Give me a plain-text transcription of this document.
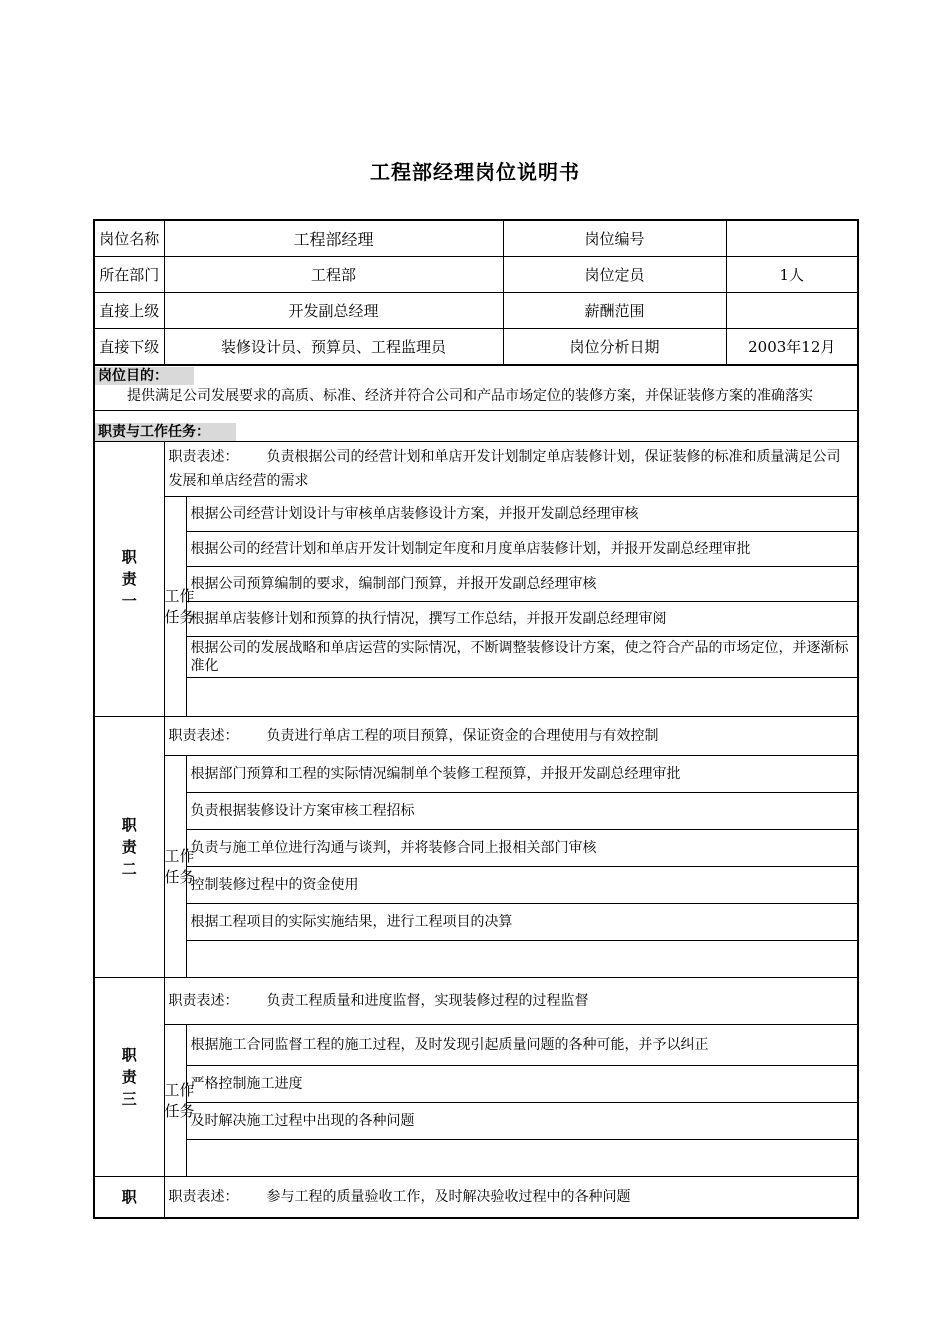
工程部经理岗位说明书
岗位名称	工程部经理		岗位编号	
所在部门	工程部		岗位定员	1人
直接上级	开发副总经理		薪酬范围	
直接下级	装修设计员、预算员、工程监理员		岗位分析日期	2003年12月
岗位目的：
提供满足公司发展要求的高质、标准、经济并符合公司和产品市场定位的装修方案，并保证装修方案的准确落实				

职责与工作任务：				

职责一	职责表述： 负责根据公司的经营计划和单店开发计划制定单店装修计划，保证装修的标准和质量满足公司发展和单店经营的需求			

	工作任务	根据公司经营计划设计与审核单店装修设计方案，并报开发副总经理审核		
		根据公司的经营计划和单店开发计划制定年度和月度单店装修计划，并报开发副总经理审批		
		根据公司预算编制的要求，编制部门预算，并报开发副总经理审核		
		根据单店装修计划和预算的执行情况，撰写工作总结，并报开发副总经理审阅		
		根据公司的发展战略和单店运营的实际情况，不断调整装修设计方案，使之符合产品的市场定位，并逐渐标准化		

职责二	职责表述： 负责进行单店工程的项目预算，保证资金的合理使用与有效控制			

	工作任务	根据部门预算和工程的实际情况编制单个装修工程预算，并报开发副总经理审批		
		负责根据装修设计方案审核工程招标		
		负责与施工单位进行沟通与谈判，并将装修合同上报相关部门审核		
		控制装修过程中的资金使用		
		根据工程项目的实际实施结果，进行工程项目的决算		

职责三	职责表述： 负责工程质量和进度监督，实现装修过程的过程监督			

	工作任务	根据施工合同监督工程的施工过程，及时发现引起质量问题的各种可能，并予以纠正		
		严格控制施工进度		
		及时解决施工过程中出现的各种问题		

职	职责表述： 参与工程的质量验收工作，及时解决验收过程中的各种问题			
